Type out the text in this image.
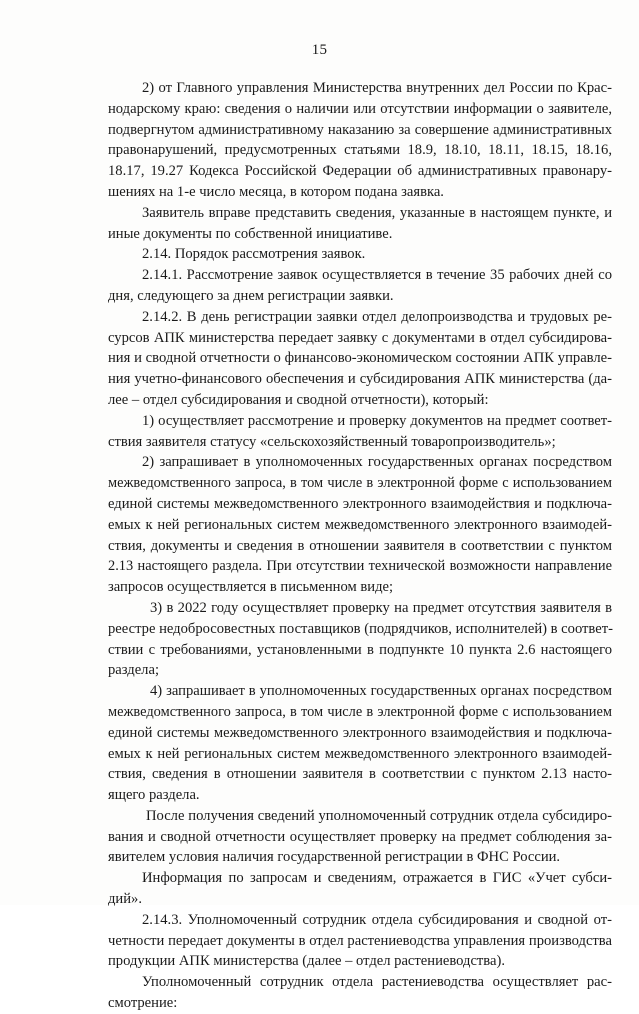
15
2) от Главного управления Министерства внутренних дел России по Крас-
нодарскому краю: сведения о наличии или отсутствии информации о заявителе,
подвергнутом административному наказанию за совершение административных
правонарушений, предусмотренных статьями 18.9, 18.10, 18.11, 18.15, 18.16,
18.17, 19.27 Кодекса Российской Федерации об административных правонару-
шениях на 1-е число месяца, в котором подана заявка.
Заявитель вправе представить сведения, указанные в настоящем пункте, и
иные документы по собственной инициативе.
2.14. Порядок рассмотрения заявок.
2.14.1. Рассмотрение заявок осуществляется в течение 35 рабочих дней со
дня, следующего за днем регистрации заявки.
2.14.2. В день регистрации заявки отдел делопроизводства и трудовых ре-
сурсов АПК министерства передает заявку с документами в отдел субсидирова-
ния и сводной отчетности о финансово-экономическом состоянии АПК управле-
ния учетно-финансового обеспечения и субсидирования АПК министерства (да-
лее – отдел субсидирования и сводной отчетности), который:
1) осуществляет рассмотрение и проверку документов на предмет соответ-
ствия заявителя статусу «сельскохозяйственный товаропроизводитель»;
2) запрашивает в уполномоченных государственных органах посредством
межведомственного запроса, в том числе в электронной форме с использованием
единой системы межведомственного электронного взаимодействия и подключа-
емых к ней региональных систем межведомственного электронного взаимодей-
ствия, документы и сведения в отношении заявителя в соответствии с пунктом
2.13 настоящего раздела. При отсутствии технической возможности направление
запросов осуществляется в письменном виде;
3) в 2022 году осуществляет проверку на предмет отсутствия заявителя в
реестре недобросовестных поставщиков (подрядчиков, исполнителей) в соответ-
ствии с требованиями, установленными в подпункте 10 пункта 2.6 настоящего
раздела;
4) запрашивает в уполномоченных государственных органах посредством
межведомственного запроса, в том числе в электронной форме с использованием
единой системы межведомственного электронного взаимодействия и подключа-
емых к ней региональных систем межведомственного электронного взаимодей-
ствия, сведения в отношении заявителя в соответствии с пунктом 2.13 насто-
ящего раздела.
После получения сведений уполномоченный сотрудник отдела субсидиро-
вания и сводной отчетности осуществляет проверку на предмет соблюдения за-
явителем условия наличия государственной регистрации в ФНС России.
Информация по запросам и сведениям, отражается в ГИС «Учет субси-
дий».
2.14.3. Уполномоченный сотрудник отдела субсидирования и сводной от-
четности передает документы в отдел растениеводства управления производства
продукции АПК министерства (далее – отдел растениеводства).
Уполномоченный сотрудник отдела растениеводства осуществляет рас-
смотрение:
